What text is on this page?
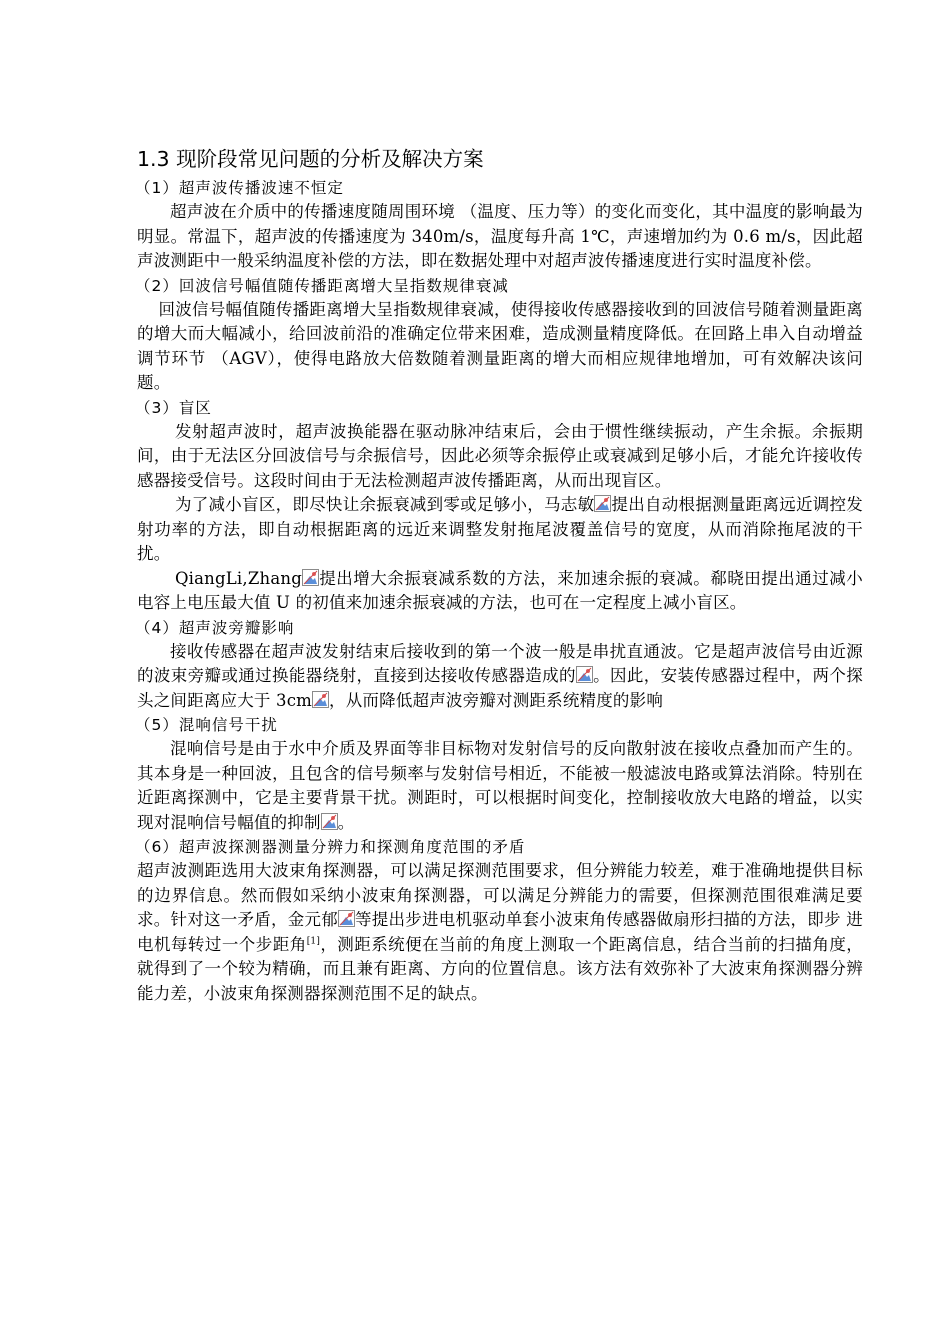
1.3 现阶段常见问题的分析及解决方案
（1）超声波传播波速不恒定

超声波在介质中的传播速度随周围环境 （温度、压力等）的变化而变化，其中温度的影响最为明显。常温下，超声波的传播速度为 340m/s，温度每升高 1℃，声速增加约为 0.6 m/s，因此超声波测距中一般采纳温度补偿的方法，即在数据处理中对超声波传播速度进行实时温度补偿。

（2）回波信号幅值随传播距离增大呈指数规律衰减

回波信号幅值随传播距离增大呈指数规律衰减，使得接收传感器接收到的回波信号随着测量距离的增大而大幅减小，给回波前沿的准确定位带来困难，造成测量精度降低。在回路上串入自动增益调节环节 （AGV），使得电路放大倍数随着测量距离的增大而相应规律地增加，可有效解决该问题。

（3）盲区

发射超声波时，超声波换能器在驱动脉冲结束后，会由于惯性继续振动，产生余振。余振期间，由于无法区分回波信号与余振信号，因此必须等余振停止或衰减到足够小后，才能允许接收传感器接受信号。这段时间由于无法检测超声波传播距离，从而出现盲区。

为了减小盲区，即尽快让余振衰减到零或足够小，马志敏 提出自动根据测量距离远近调控发射功率的方法，即自动根据距离的远近来调整发射拖尾波覆盖信号的宽度，从而消除拖尾波的干扰。

QiangLi,Zhang 提出增大余振衰减系数的方法，来加速余振的衰减。郗晓田提出通过减小电容上电压最大值 U 的初值来加速余振衰减的方法，也可在一定程度上减小盲区。

（4）超声波旁瓣影响

接收传感器在超声波发射结束后接收到的第一个波一般是串扰直通波。它是超声波信号由近源的波束旁瓣或通过换能器绕射，直接到达接收传感器造成的 。因此，安装传感器过程中，两个探头之间距离应大于 3cm ，从而降低超声波旁瓣对测距系统精度的影响

（5）混响信号干扰

混响信号是由于水中介质及界面等非目标物对发射信号的反向散射波在接收点叠加而产生的。其本身是一种回波，且包含的信号频率与发射信号相近，不能被一般滤波电路或算法消除。特别在近距离探测中，它是主要背景干扰。测距时，可以根据时间变化，控制接收放大电路的增益，以实现对混响信号幅值的抑制 。

（6）超声波探测器测量分辨力和探测角度范围的矛盾

超声波测距选用大波束角探测器，可以满足探测范围要求，但分辨能力较差，难于准确地提供目标的边界信息。然而假如采纳小波束角探测器，可以满足分辨能力的需要，但探测范围很难满足要求。针对这一矛盾，金元郁 等提出步进电机驱动单套小波束角传感器做扇形扫描的方法，即步 进电机每转过一个步距角[1]，测距系统便在当前的角度上测取一个距离信息，结合当前的扫描角度，就得到了一个较为精确，而且兼有距离、方向的位置信息。该方法有效弥补了大波束角探测器分辨能力差，小波束角探测器探测范围不足的缺点。
